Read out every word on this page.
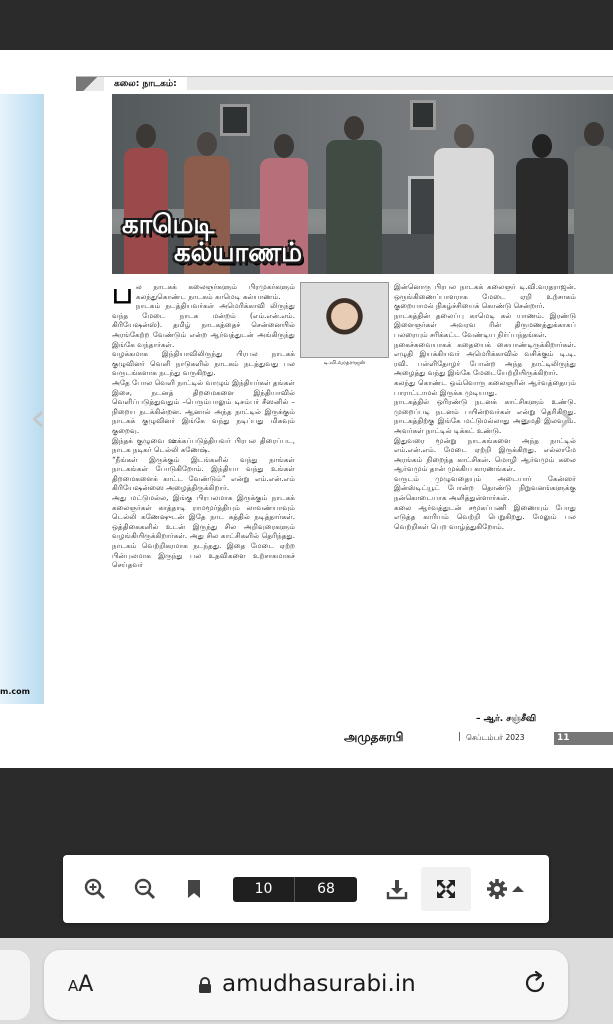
m.com
கலை: நாடகம்:
காமெடி
கல்யாணம்

பல நாடகக் கலைஞர்களும் பிரமுகர்களும் கலந்துகொண்ட நாடகம் காமெடி கல்யாணம்.

நாடகம் நடத்தியவர்கள் அமெரிக்காவி லிருந்து வந்த மேடை நாடக மன்றம் (எம்.என்.எம். கிரியேஷன்ஸ்). தமிழ் நாடகத்தைச் சென்னையில் அரங்கேற்ற வேண்டும் என்ற ஆர்வத்துடன் அங்கிருந்து இங்கே வந்தார்கள்.

வழக்கமாக இந்தியாவிலிருந்து பிரபல நாடகக் குழுவினர் வெளி நாடுகளில் நாடகம் நடத்துவது பல வருடங்களாக நடந்து வருகிறது.

அதே போல வெளி நாட்டில் வாழும் இந்தியர்கள் தங்கள் இசை, நடனத் திறமைகளை இந்தியாவில் வெளிப்படுத்துவதும் –பெரும்பாலும் டிசம்பர் சீஸனில் – நிறைய நடக்கின்றன. ஆனால் அந்த நாட்டில் இருக்கும் நாடகக் குழுவினர் இங்கே வந்து நடிப்பது மிகவும் குறைவு.

இந்தக் குழுவை ஊக்கப்படுத்தியவர் பிரபல திரைப்பட, நாடக நடிகர் டெல்லி கணேஷ்.

“நீங்கள் இருக்கும் இடங்களில் வந்து நாங்கள் நாடகங்கள் போடுகிறோம். இந்தியா வந்து உங்கள் திறமைகளைக் காட்ட வேண்டும்” என்று எம்.என்.எம் கிரியேஷன்ஸை அழைத்திருக்கிறார்.

அது மட்டுமல்ல, இங்கு பிரபலமாக இருக்கும் நாடகக் கலைஞர்கள் காத்தாடி ராமமூர்த்தியும் லாவண்யாவும் டெல்லி கணேஷுடன் இதே நாட கத்தில் நடித்தார்கள். ஒத்திகைகளில் உடன் இருந்து சில அறிவுரைகளும் வழங்கியிருக்கிறார்கள். அது சில காட்சிகளில் தெரிந்தது. நாடகம் வெற்றிகரமாக நடந்தது. இதை மேடை ஏற்ற பின்புலமாக இருந்து பல உதவிகளை உற்சாகமாகச் செய்தவர்

டி.வி.வரதராஜன்

இன்னொரு பிரபல நாடகக் கலைஞர் டி.வி.வரதராஜன். ஒருங்கிணைப்பாளராக மேடை ஏறி உற்சாகம் குறையாமல் நிகழ்ச்சியைக் கொண்டு சென்றார்.

நாடகத்தின் தலைப்பு காமெடி கல் யாணம். இரண்டு இளைஞர்கள் அவரவ ரின் திருமணத்துக்காகப் பலரையும் சரிக்கட்ட வேண்டிய நிர்ப்பந்தங்கள்.

நகைச்சுவையாகக் கதையைக் கையாண்டிருக்கிறார்கள். எழுதி இயக்கியவர் அமெரிக்காவில் வசிக்கும் டி.டி. ரவி. பள்ளிதோழர் போன்ற அந்த நாட்டிலிருந்து அழைத்து வந்து இங்கே மேடையேற்றியிருக்கிறார்.

கலந்து கொண்ட ஒவ்வொரு கலைஞரின் ஆர்வத்தையும் பாராட்டாமல் இருக்க முடியாது.

நாடகத்தில் ஒரிரண்டு நடனக் காட்சிகளும் உண்டு. முறைப்படி நடனம் பயின்றவர்கள் என்று தெரிகிறது. நாடகத்திற்கு இங்கே மட்டுமல்லாது அனுமதி இலவசம். அவர்கள் நாட்டில் டிக்கட் உண்டு.

இதுவரை மூன்று நாடகங்களை அந்த நாட்டில் எம்.என்.எம். மேடை ஏற்றி இருக்கிறது. எல்லாமே அரங்கம் நிறைந்த காட்சிகள். மொழி ஆர்வமும் கலை ஆர்வமும் தான் முக்கிய காரணங்கள்.

வருடம் முழுவதையும் அடையார் கேன்ஸர் இன்ஸ்டிட்யூட் போன்ற தொண்டு நிறுவனங்களுக்கு நன்கொடையாக அளித்துள்ளார்கள்.

கலை ஆர்வத்துடன் சமூகப்பணி இணையும் போது எடுத்த காரியம் வெற்றி பெறுகிறது. மேலும் பல வெற்றிகள் பெற வாழ்த்துகிறோம்.

– ஆர். சஞ்சீவி
அமுதசுரபி	| செப்டம்பர் 2023	11
‹	›
10	68
AA	amudhasurabi.in
